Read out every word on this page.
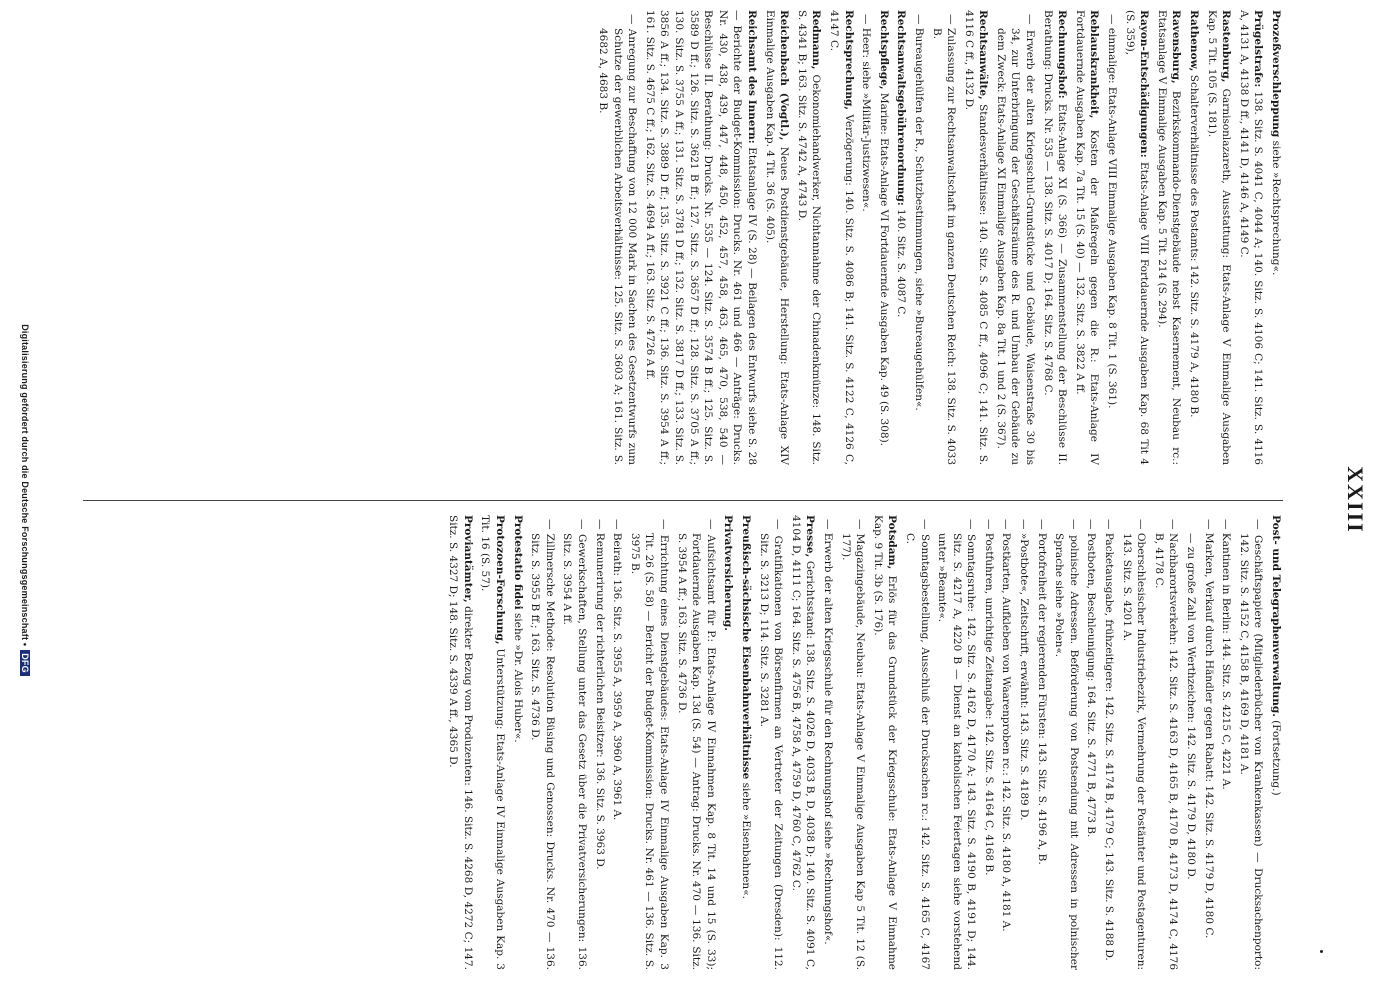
XXIII
Post- und Telegraphenverwaltung. (Fortsetzung.)
— Geschäftspapiere (Mitgliederbücher von Krankenkassen) — Drucksachenporto: 142. Sitz. S. 4152 C, 4158 B, 4169 D, 4181 A.
— Kantinen in Berlin: 144. Sitz. S. 4215 C, 4221 A.
— Marken, Verkauf durch Händler gegen Rabatt: 142. Sitz. S. 4179 D, 4180 C.
— zu große Zahl von Werthzeichen: 142. Sitz. S. 4179 D, 4180 D.
— Nachbarortsverkehr: 142. Sitz. S. 4163 D, 4165 B, 4170 B, 4173 D, 4174 C, 4176 B, 4178 C.
— Oberschlesischer Industriebezirk, Vermehrung der Postämter und Postagenturen: 143. Sitz. S. 4201 A.
— Packetausgabe, frühzeitigere: 142. Sitz. S. 4174 B, 4179 C; 143. Sitz. S. 4188 D.
— Postboten, Beschleunigung: 164. Sitz. S. 4771 B, 4773 B.
— polnische Adressen. Beförderung von Postsendung mit Adressen in polnischer Sprache siehe »Polen«.
— Portofreiheit der regierenden Fürsten: 143. Sitz. S. 4196 A, B.
— »Postbote«, Zeitschrift, erwähnt: 143. Sitz. S. 4189 D.
— Postkarten, Aufkleben von Waarenproben rc.: 142. Sitz. S. 4180 A, 4181 A.
— Postfuhren, unrichtige Zeitangabe: 142. Sitz. S. 4164 C, 4168 B.
— Sonntagsruhe: 142. Sitz. S. 4162 D, 4170 A; 143. Sitz. S. 4190 B, 4191 D; 144. Sitz. S. 4217 A, 4220 B — Dienst an katholischen Feiertagen siehe vorstehend unter »Beamte«.
— Sonntagsbestellung, Ausschluß der Drucksachen rc.: 142. Sitz. S. 4165 C, 4167 C.
Potsdam, Erlös für das Grundstück der Kriegsschule: Etats-Anlage V Einnahme Kap. 9 Tit. 3b (S. 176).
— Magazingebäude, Neubau: Etats-Anlage V Einmalige Ausgaben Kap 5 Tit. 12 (S. 177).
— Erwerb der alten Kriegsschule für den Rechnungshof siehe »Rechnungshof«.
Presse, Gerichtsstand: 138. Sitz. S. 4026 D, 4033 B, D, 4038 D; 140. Sitz. S. 4091 C, 4104 D, 4111 C; 164. Sitz. S. 4756 B, 4758 A, 4759 D, 4760 C, 4762 C.
— Gratifikationen von Börsenfirmen an Vertreter der Zeitungen (Dresden): 112. Sitz. S. 3213 D; 114. Sitz. S. 3281 A.
Preußisch-sächsische Eisenbahnverhältnisse siehe »Eisenbahnen«.
Privatversicherung.
— Aufsichtsamt für P.: Etats-Anlage IV Einnahmen Kap. 8 Tit. 14 und 15 (S. 33); Fortdauernde Ausgaben Kap. 13d (S. 54) — Antrag: Drucks. Nr. 470 — 136. Sitz. S. 3954 A ff.; 163. Sitz. S. 4736 D.
— Errichtung eines Dienstgebäudes: Etats-Anlage IV Einmalige Ausgaben Kap. 3 Tit. 26 (S. 58) — Bericht der Budget-Kommission: Drucks. Nr. 461 — 136. Sitz. S. 3975 B.
— Beirath: 136. Sitz. S. 3955 A, 3959 A, 3960 A, 3961 A.
— Remunerirung der richterlichen Beisitzer: 136. Sitz. S. 3963 D.
— Gewerkschaften, Stellung unter das Gesetz über die Privatversicherungen: 136. Sitz. S. 3954 A ff.
— Zillmersche Methode: Resolution Büsing und Genossen: Drucks. Nr. 470 — 136. Sitz. S. 3955 B ff.; 163. Sitz. S. 4736 D.
Protestatio fidei siehe »Dr. Alois Huber«.
Protozoen-Forschung, Unterstützung: Etats-Anlage IV Einmalige Ausgaben Kap. 3 Tit. 16 (S. 57).
Proviantämter, direkter Bezug vom Produzenten: 146. Sitz. S. 4268 D, 4272 C; 147. Sitz. S. 4327 D; 148. Sitz. S. 4339 A ff., 4365 D.
Prozeßverschleppung siehe »Rechtsprechung«.
Prügelstrafe: 138. Sitz. S. 4041 C, 4044 A; 140. Sitz. S. 4106 C; 141. Sitz. S. 4116 A, 4131 A, 4138 D ff., 4141 D, 4146 A, 4149 C.
Rastenburg, Garnisonlazareth, Ausstattung: Etats-Anlage V Einmalige Ausgaben Kap. 5 Tit. 105 (S. 181).
Rathenow, Schalterverhältnisse des Postamts: 142. Sitz. S. 4179 A, 4180 B.
Ravensburg, Bezirkskommando-Dienstgebäude nebst Kasernement, Neubau rc.: Etatsanlage V Einmalige Ausgaben Kap. 5 Tit. 214 (S. 294).
Rayon-Entschädigungen: Etats-Anlage VIII Fortdauernde Ausgaben Kap. 68 Tit 4 (S. 359),
— einmalige: Etats-Anlage VIII Einmalige Ausgaben Kap. 8 Tit. 1 (S. 361).
Reblauskrankheit, Kosten der Maßregeln gegen die R.: Etats-Anlage IV Fortdauernde Ausgaben Kap. 7a Tit. 15 (S. 40) — 132. Sitz. S. 3822 A ff.
Rechnungshof: Etats-Anlage XI (S. 366) — Zusammenstellung der Beschlüsse II. Berathung: Drucks. Nr. 535 — 138. Sitz. S. 4017 D; 164. Sitz. S. 4768 C.
— Erwerb der alten Kriegsschul-Grundstücke und Gebäude, Waisenstraße 30 bis 34, zur Unterbringung der Geschäftsräume des R. und Umbau der Gebäude zu dem Zweck: Etats-Anlage XI Einmalige Ausgaben Kap. 8a Tit. 1 und 2 (S. 367).
Rechtsanwälte, Standesverhältnisse: 140. Sitz. S. 4085 C ff., 4096 C; 141. Sitz. S. 4116 C ff., 4132 D.
— Zulassung zur Rechtsanwaltschaft im ganzen Deutschen Reich: 138. Sitz. S. 4033 B.
— Bureaugehülfen der R., Schutzbestimmungen, siehe »Bureaugehülfen«.
Rechtsanwaltsgebührenordnung: 140. Sitz. S. 4087 C.
Rechtspflege, Marine: Etats-Anlage VI Fortdauernde Ausgaben Kap. 49 (S. 308).
— Heer: siehe »Militär-Justizwesen«.
Rechtsprechung, Verzögerung: 140. Sitz. S. 4086 B; 141. Sitz. S. 4122 C, 4126 C, 4147 C.
Redmann, Oekonomiehandwerker, Nichtannahme der Chinadenkmünze: 148. Sitz. S. 4341 B; 163. Sitz. S. 4742 A, 4743 D.
Reichenbach (Vogtl.), Neues Postdienstgebäude, Herstellung: Etats-Anlage XIV Einmalige Ausgaben Kap. 4 Tit. 36 (S. 405).
Reichsamt des Innern: Etatsanlage IV (S. 28) — Beilagen des Entwurfs siehe S. 28 — Berichte der Budget-Kommission: Drucks. Nr. 461 und 466 — Anträge: Drucks. Nr. 430, 438, 439, 447, 448, 450, 452, 457, 458, 463, 465, 470, 538, 540 — Beschlüsse II. Berathung: Drucks. Nr. 535 — 124. Sitz. S. 3574 B ff.; 125. Sitz. S. 3589 D ff.; 126. Sitz. S. 3621 B ff.; 127. Sitz. S. 3657 D ff.; 128. Sitz. S. 3705 A ff.; 130. Sitz. S. 3755 A ff.; 131. Sitz. S. 3781 D ff.; 132. Sitz. S. 3817 D ff.; 133. Sitz. S. 3856 A ff.; 134. Sitz. S. 3889 D ff.; 135. Sitz. S. 3921 C ff.; 136. Sitz. S. 3954 A ff.; 161. Sitz. S. 4675 C ff.; 162. Sitz. S. 4694 A ff.; 163. Sitz. S. 4726 A ff.
— Anregung zur Beschaffung von 12 000 Mark in Sachen des Gesetzentwurfs zum Schutze der gewerblichen Arbeitsverhältnisse: 125. Sitz. S. 3603 A; 161. Sitz. S. 4682 A, 4683 B.
Digitalisierung gefördert durch die Deutsche Forschungsgemeinschaft •DFG
